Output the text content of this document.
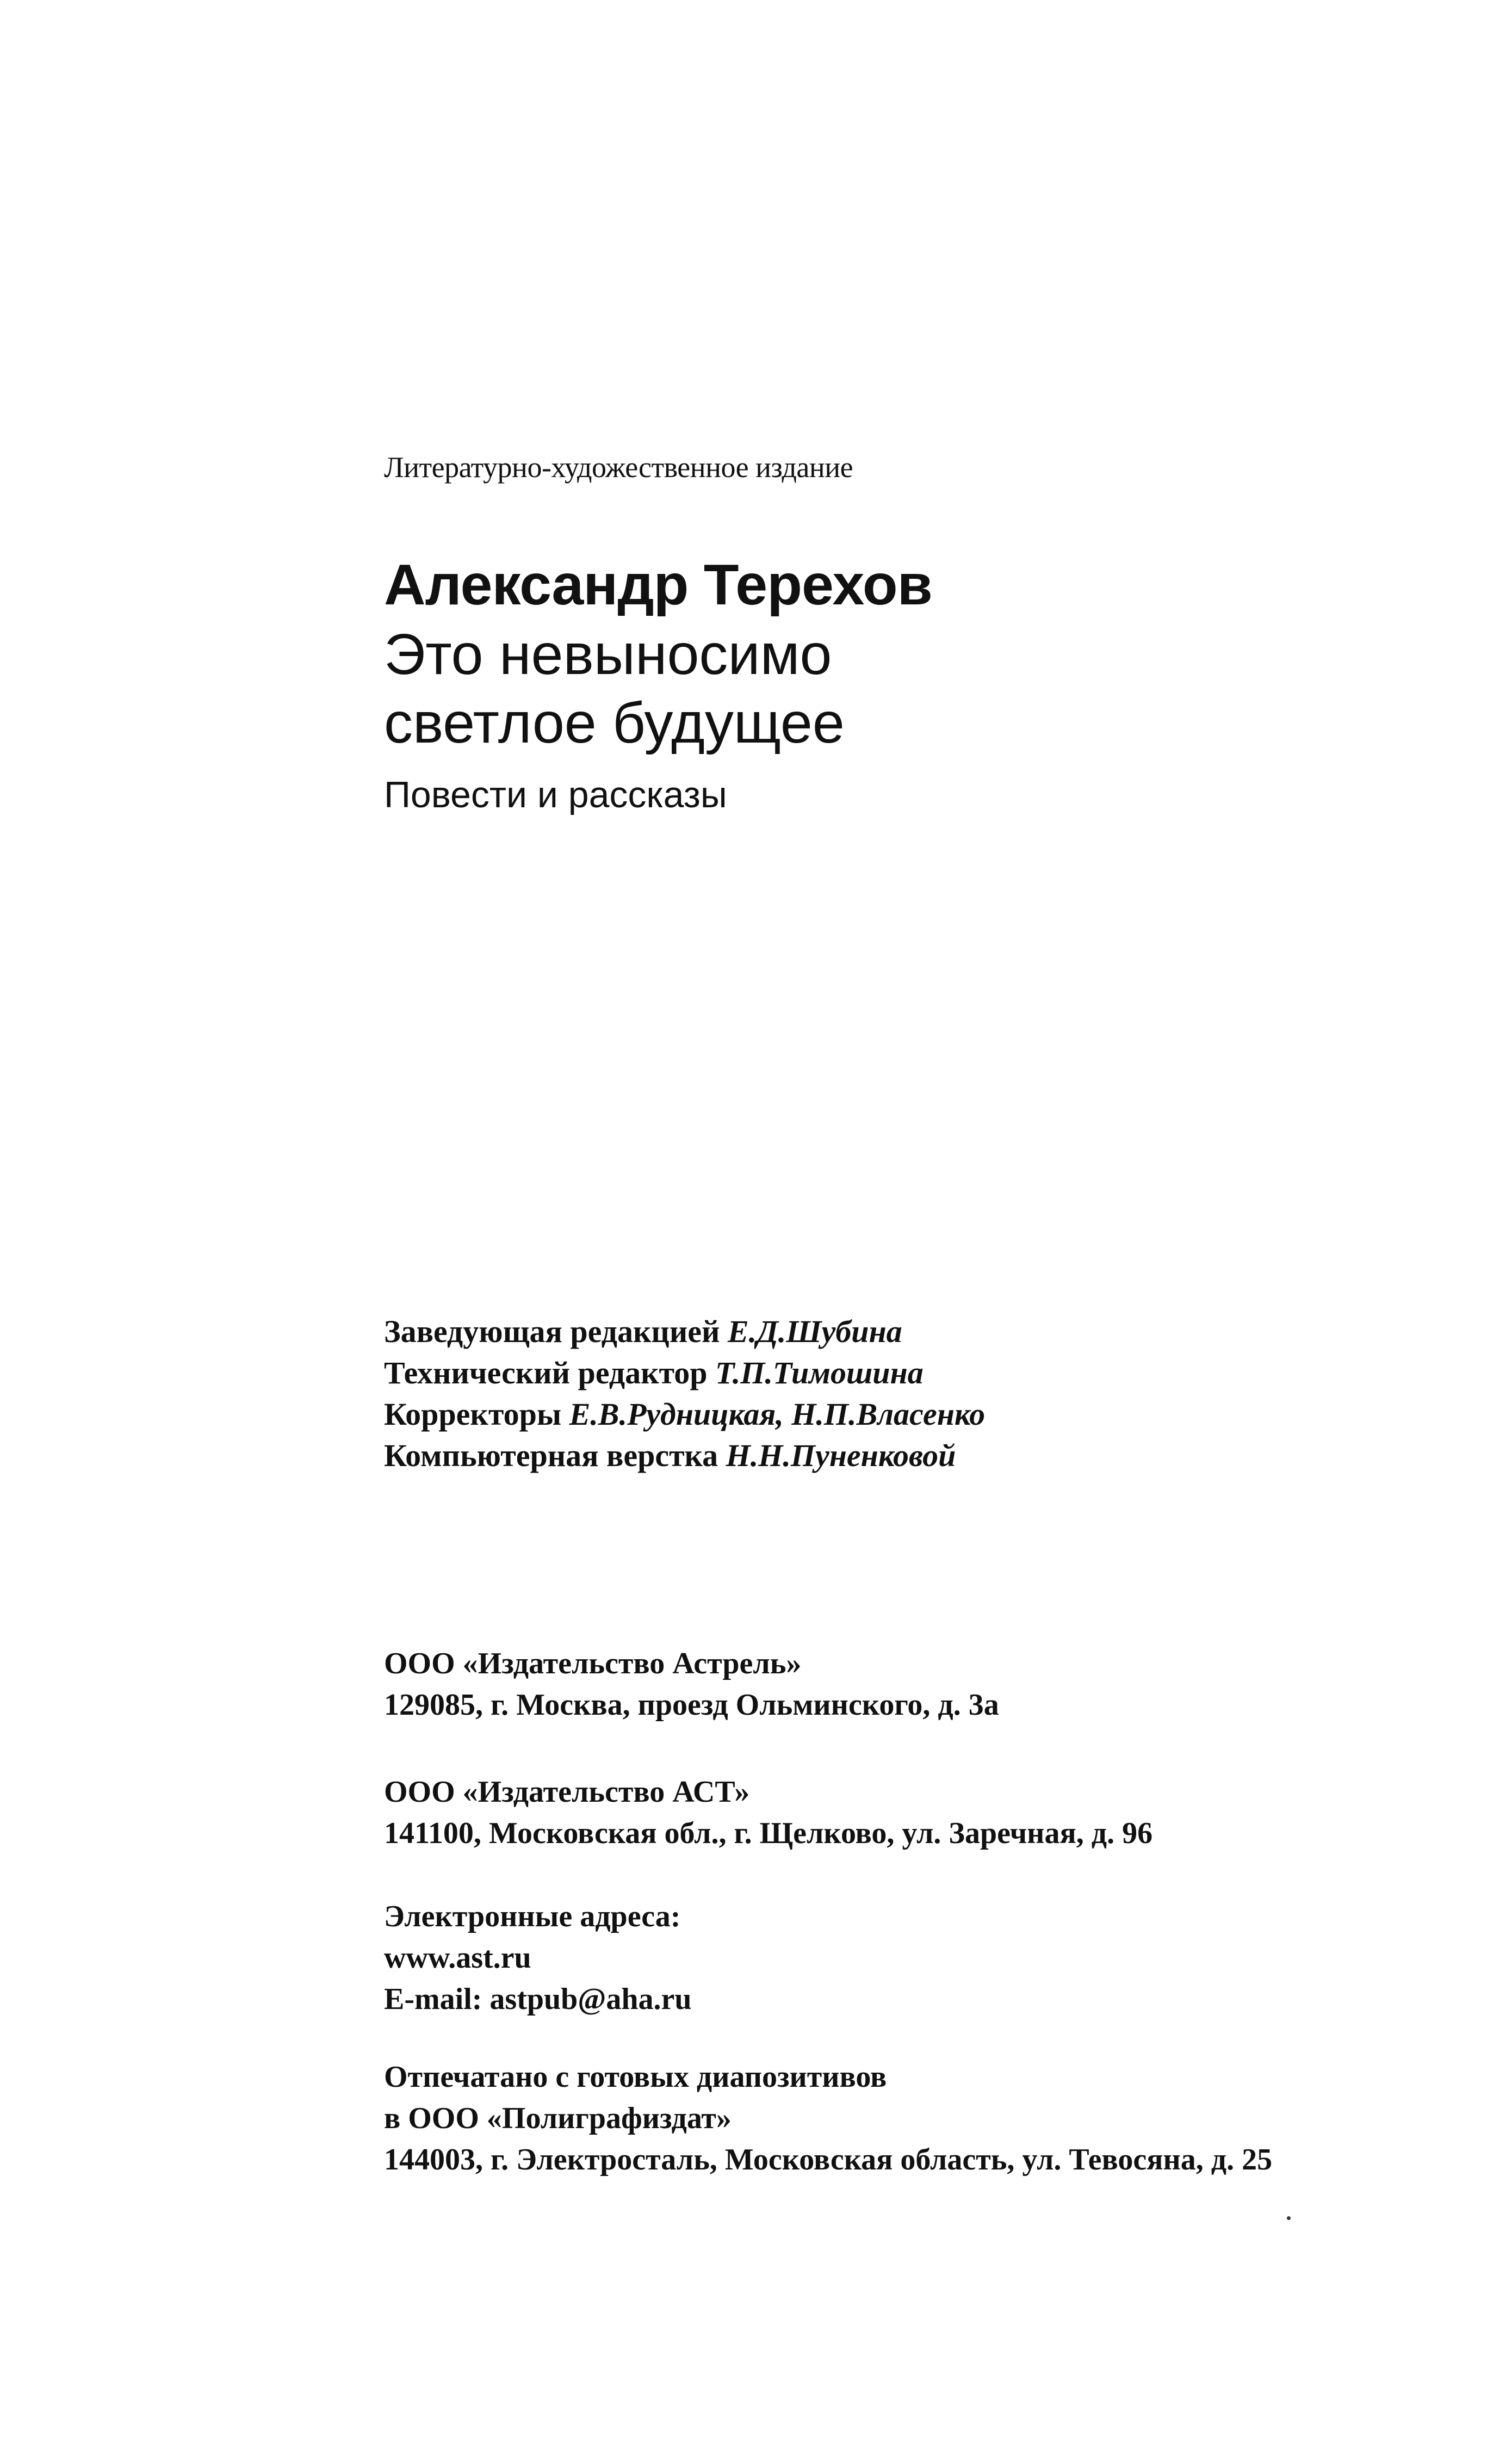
Литературно-художественное издание
Александр Терехов
Это невыносимо
светлое будущее
Повести и рассказы
Заведующая редакцией Е.Д.Шубина
Технический редактор Т.П.Тимошина
Корректоры Е.В.Рудницкая, Н.П.Власенко
Компьютерная верстка Н.Н.Пуненковой
ООО «Издательство Астрель»
129085, г. Москва, проезд Ольминского, д. 3а
ООО «Издательство АСТ»
141100, Московская обл., г. Щелково, ул. Заречная, д. 96
Электронные адреса:
www.ast.ru
E-mail: astpub@aha.ru
Отпечатано с готовых диапозитивов
в ООО «Полиграфиздат»
144003, г. Электросталь, Московская область, ул. Тевосяна, д. 25
